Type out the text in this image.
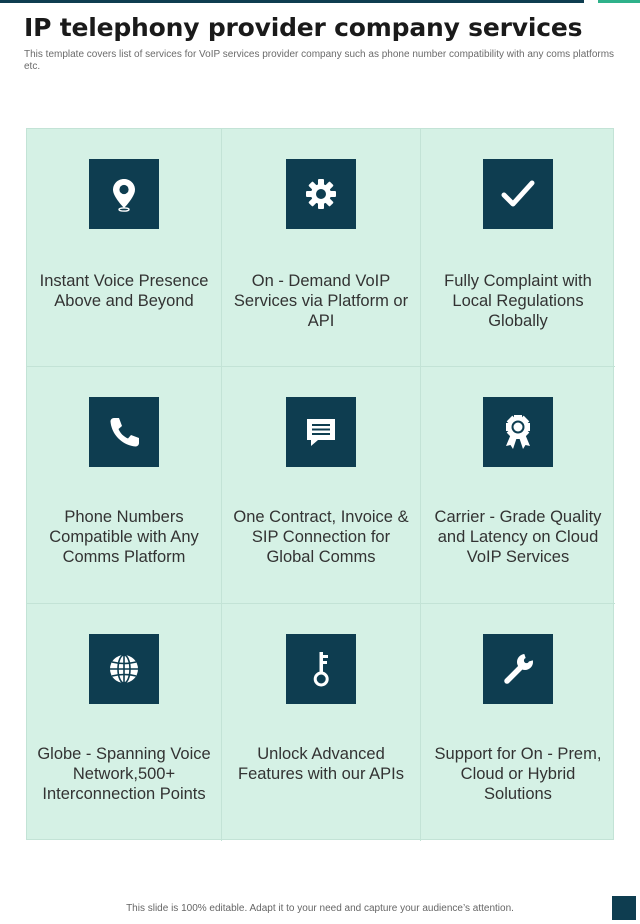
IP telephony provider company services

This template covers list of services for VoIP services provider company such as phone number compatibility with any coms platforms etc.

Instant Voice Presence Above and Beyond
On - Demand VoIP Services via Platform or API
Fully Complaint with Local Regulations Globally
Phone Numbers Compatible with Any Comms Platform
One Contract, Invoice & SIP Connection for Global Comms
Carrier - Grade Quality and Latency on Cloud VoIP Services
Globe - Spanning Voice Network,500+ Interconnection Points
Unlock Advanced Features with our APIs
Support for On - Prem, Cloud or Hybrid Solutions

This slide is 100% editable. Adapt it to your need and capture your audience’s attention.
